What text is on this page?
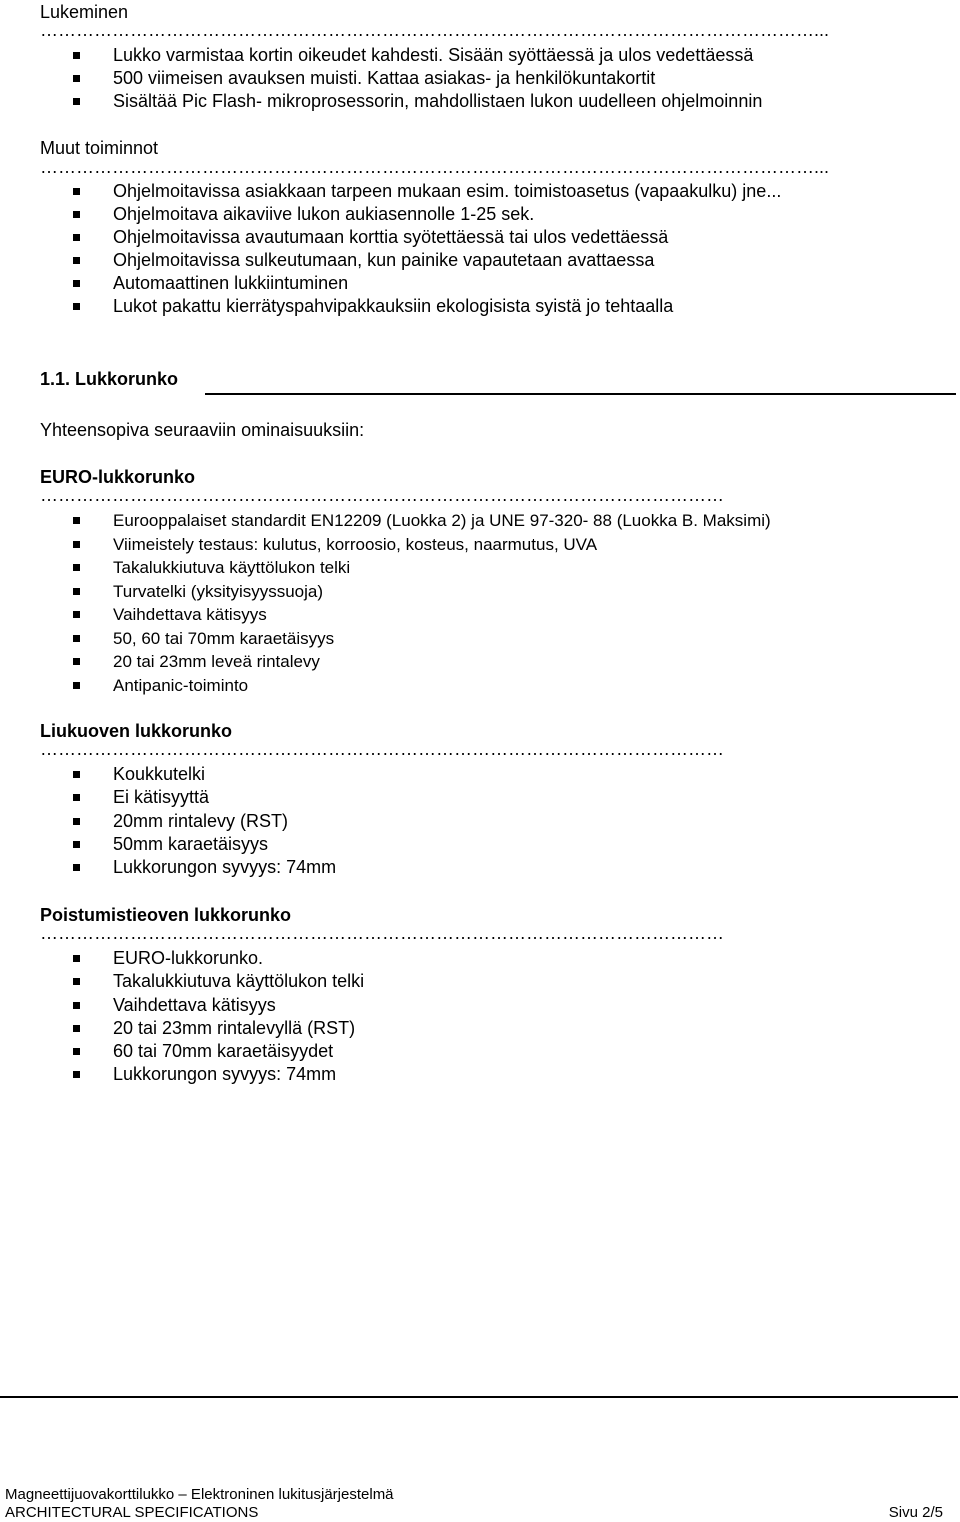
Lukeminen
…………………………………………………………………………………………………………………...
Lukko varmistaa kortin oikeudet kahdesti. Sisään syöttäessä ja ulos vedettäessä
500 viimeisen avauksen muisti. Kattaa asiakas- ja henkilökuntakortit
Sisältää Pic Flash- mikroprosessorin, mahdollistaen lukon uudelleen ohjelmoinnin
Muut toiminnot
…………………………………………………………………………………………………………………...
Ohjelmoitavissa asiakkaan tarpeen mukaan esim. toimistoasetus (vapaakulku) jne...
Ohjelmoitava aikaviive lukon aukiasennolle 1-25 sek.
Ohjelmoitavissa avautumaan korttia syötettäessä tai ulos vedettäessä
Ohjelmoitavissa sulkeutumaan, kun painike vapautetaan avattaessa
Automaattinen lukkiintuminen
Lukot pakattu kierrätyspahvipakkauksiin ekologisista syistä jo tehtaalla
1.1. Lukkorunko
Yhteensopiva seuraaviin ominaisuuksiin:
EURO-lukkorunko
……………………………………………………………………………………………………
Eurooppalaiset standardit EN12209 (Luokka 2) ja UNE 97-320- 88 (Luokka B. Maksimi)
Viimeistely testaus: kulutus, korroosio, kosteus, naarmutus, UVA
Takalukkiutuva käyttölukon telki
Turvatelki (yksityisyyssuoja)
Vaihdettava kätisyys
50, 60 tai 70mm karaetäisyys
20 tai 23mm leveä rintalevy
Antipanic-toiminto
Liukuoven lukkorunko
……………………………………………………………………………………………………
Koukkutelki
Ei kätisyyttä
20mm rintalevy (RST)
50mm karaetäisyys
Lukkorungon syvyys: 74mm
Poistumistieoven lukkorunko
……………………………………………………………………………………………………
EURO-lukkorunko.
Takalukkiutuva käyttölukon telki
Vaihdettava kätisyys
20 tai 23mm rintalevyllä (RST)
60 tai 70mm karaetäisyydet
Lukkorungon syvyys: 74mm
Magneettijuovakorttilukko – Elektroninen lukitusjärjestelmä
ARCHITECTURAL SPECIFICATIONS	Sivu 2/5
